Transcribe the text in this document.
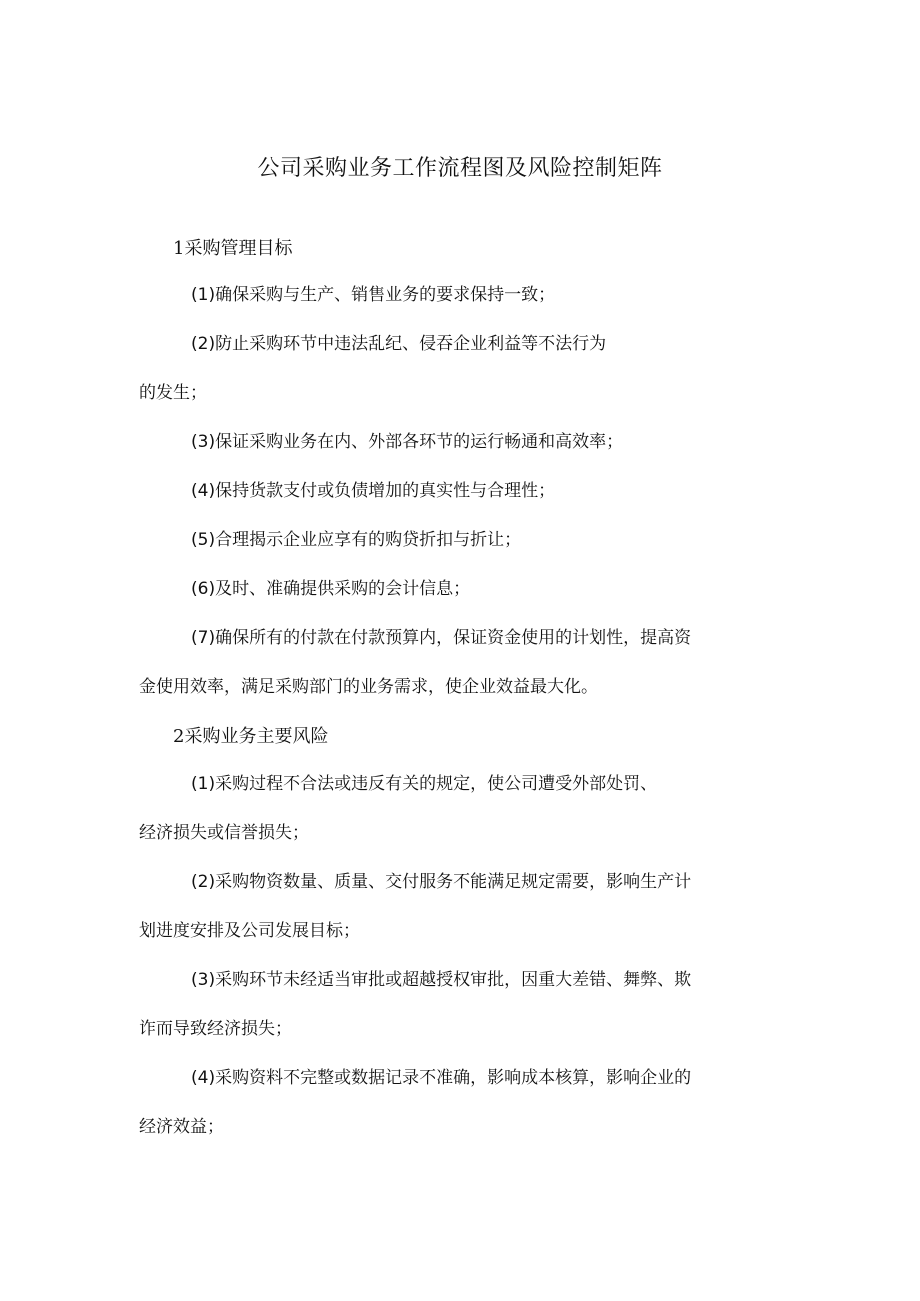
公司采购业务工作流程图及风险控制矩阵
1采购管理目标
(1)确保采购与生产、销售业务的要求保持一致；
(2)防止采购环节中违法乱纪、侵吞企业利益等不法行为
的发生；
(3)保证采购业务在内、外部各环节的运行畅通和高效率；
(4)保持货款支付或负债增加的真实性与合理性；
(5)合理揭示企业应享有的购贷折扣与折让；
(6)及时、准确提供采购的会计信息；
(7)确保所有的付款在付款预算内，保证资金使用的计划性，提高资
金使用效率，满足采购部门的业务需求，使企业效益最大化。
2采购业务主要风险
(1)采购过程不合法或违反有关的规定，使公司遭受外部处罚、
经济损失或信誉损失；
(2)采购物资数量、质量、交付服务不能满足规定需要，影响生产计
划进度安排及公司发展目标；
(3)采购环节未经适当审批或超越授权审批，因重大差错、舞弊、欺
诈而导致经济损失；
(4)采购资料不完整或数据记录不准确，影响成本核算，影响企业的
经济效益；
